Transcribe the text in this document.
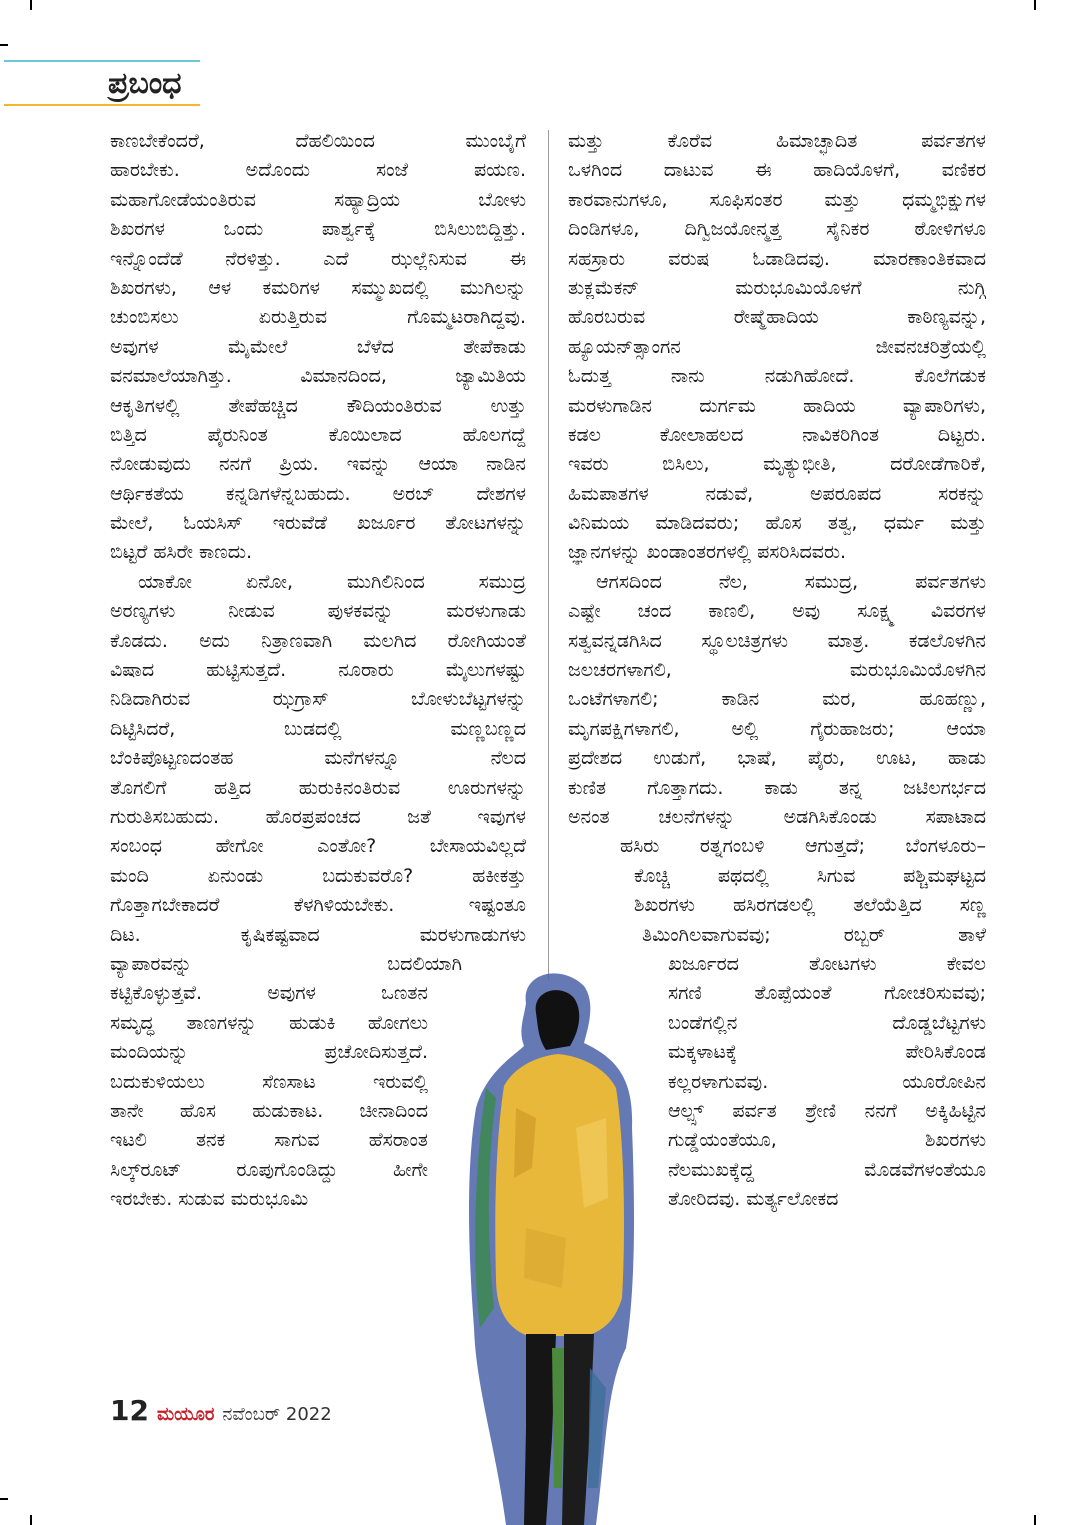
ಪ್ರಬಂಧ
ಕಾಣಬೇಕೆಂದರೆ, ದೆಹಲಿಯಿಂದ ಮುಂಬೈಗೆ
ಹಾರಬೇಕು. ಅದೊಂದು ಸಂಜೆ ಪಯಣ.
ಮಹಾಗೋಡೆಯಂತಿರುವ ಸಹ್ಯಾದ್ರಿಯ ಬೋಳು
ಶಿಖರಗಳ ಒಂದು ಪಾರ್ಶ್ವಕ್ಕೆ ಬಿಸಿಲುಬಿದ್ದಿತ್ತು.
ಇನ್ನೊಂದೆಡೆ ನೆರಳಿತ್ತು. ಎದೆ ಝಲ್ಲೆನಿಸುವ ಈ
ಶಿಖರಗಳು, ಆಳ ಕಮರಿಗಳ ಸಮ್ಮುಖದಲ್ಲಿ ಮುಗಿಲನ್ನು
ಚುಂಬಿಸಲು ಏರುತ್ತಿರುವ ಗೊಮ್ಮಟರಾಗಿದ್ದವು.
ಅವುಗಳ ಮೈಮೇಲೆ ಬೆಳೆದ ತೇಪೆಕಾಡು
ವನಮಾಲೆಯಾಗಿತ್ತು. ವಿಮಾನದಿಂದ, ಜ್ಯಾಮಿತಿಯ
ಆಕೃತಿಗಳಲ್ಲಿ ತೇಪೆಹಚ್ಚಿದ ಕೌದಿಯಂತಿರುವ ಉತ್ತು
ಬಿತ್ತಿದ ಪೈರುನಿಂತ ಕೊಯಿಲಾದ ಹೊಲಗದ್ದೆ
ನೋಡುವುದು ನನಗೆ ಪ್ರಿಯ. ಇವನ್ನು ಆಯಾ ನಾಡಿನ
ಆರ್ಥಿಕತೆಯ ಕನ್ನಡಿಗಳೆನ್ನಬಹುದು. ಅರಬ್ ದೇಶಗಳ
ಮೇಲೆ, ಓಯಸಿಸ್ ಇರುವೆಡೆ ಖರ್ಜೂರ ತೋಟಗಳನ್ನು
ಬಿಟ್ಟರೆ ಹಸಿರೇ ಕಾಣದು.
ಯಾಕೋ ಏನೋ, ಮುಗಿಲಿನಿಂದ ಸಮುದ್ರ
ಅರಣ್ಯಗಳು ನೀಡುವ ಪುಳಕವನ್ನು ಮರಳುಗಾಡು
ಕೊಡದು. ಅದು ನಿತ್ರಾಣವಾಗಿ ಮಲಗಿದ ರೋಗಿಯಂತೆ
ವಿಷಾದ ಹುಟ್ಟಿಸುತ್ತದೆ. ನೂರಾರು ಮೈಲುಗಳಷ್ಟು
ನಿಡಿದಾಗಿರುವ ಝಗ್ರಾಸ್ ಬೋಳುಬೆಟ್ಟಗಳನ್ನು
ದಿಟ್ಟಿಸಿದರೆ, ಬುಡದಲ್ಲಿ ಮಣ್ಣಬಣ್ಣದ
ಬೆಂಕಿಪೊಟ್ಟಣದಂತಹ ಮನೆಗಳನ್ನೂ ನೆಲದ
ತೊಗಲಿಗೆ ಹತ್ತಿದ ಹುರುಕಿನಂತಿರುವ ಊರುಗಳನ್ನು
ಗುರುತಿಸಬಹುದು. ಹೊರಪ್ರಪಂಚದ ಜತೆ ಇವುಗಳ
ಸಂಬಂಧ ಹೇಗೋ ಎಂತೋ? ಬೇಸಾಯವಿಲ್ಲದೆ
ಮಂದಿ ಏನುಂಡು ಬದುಕುವರೊ? ಹಕೀಕತ್ತು
ಗೊತ್ತಾಗಬೇಕಾದರೆ ಕೆಳಗಿಳಿಯಬೇಕು. ಇಷ್ಟಂತೂ
ದಿಟ. ಕೃಷಿಕಷ್ಟವಾದ ಮರಳುಗಾಡುಗಳು
ವ್ಯಾಪಾರವನ್ನು ಬದಲಿಯಾಗಿ
ಕಟ್ಟಿಕೊಳ್ಳುತ್ತವೆ. ಅವುಗಳ ಒಣತನ
ಸಮೃದ್ಧ ತಾಣಗಳನ್ನು ಹುಡುಕಿ ಹೋಗಲು
ಮಂದಿಯನ್ನು ಪ್ರಚೋದಿಸುತ್ತದೆ.
ಬದುಕುಳಿಯಲು ಸೆಣಸಾಟ ಇರುವಲ್ಲಿ
ತಾನೇ ಹೊಸ ಹುಡುಕಾಟ. ಚೀನಾದಿಂದ
ಇಟಲಿ ತನಕ ಸಾಗುವ ಹೆಸರಾಂತ
ಸಿಲ್ಕ್‌ರೂಟ್ ರೂಪುಗೊಂಡಿದ್ದು ಹೀಗೇ
ಇರಬೇಕು. ಸುಡುವ ಮರುಭೂಮಿ
ಮತ್ತು ಕೊರೆವ ಹಿಮಾಚ್ಛಾದಿತ ಪರ್ವತಗಳ
ಒಳಗಿಂದ ದಾಟುವ ಈ ಹಾದಿಯೊಳಗೆ, ವಣಿಕರ
ಕಾರವಾನುಗಳೂ, ಸೂಫಿಸಂತರ ಮತ್ತು ಧಮ್ಮಭಿಕ್ಷುಗಳ
ದಿಂಡಿಗಳೂ, ದಿಗ್ವಿಜಯೋನ್ಮತ್ತ ಸೈನಿಕರ ಠೋಳಿಗಳೂ
ಸಹಸ್ರಾರು ವರುಷ ಓಡಾಡಿದವು. ಮಾರಣಾಂತಿಕವಾದ
ತುಕ್ಲಮೆಕನ್ ಮರುಭೂಮಿಯೊಳಗೆ ನುಗ್ಗಿ
ಹೊರಬರುವ ರೇಷ್ಮೆಹಾದಿಯ ಕಾಠಿಣ್ಯವನ್ನು,
ಹ್ಯೂಯನ್‌ತ್ಸಾಂಗನ ಜೀವನಚರಿತ್ರೆಯಲ್ಲಿ
ಓದುತ್ತ ನಾನು ನಡುಗಿಹೋದೆ. ಕೊಲೆಗಡುಕ
ಮರಳುಗಾಡಿನ ದುರ್ಗಮ ಹಾದಿಯ ವ್ಯಾಪಾರಿಗಳು,
ಕಡಲ ಕೋಲಾಹಲದ ನಾವಿಕರಿಗಿಂತ ದಿಟ್ಟರು.
ಇವರು ಬಿಸಿಲು, ಮೃತ್ಯುಭೀತಿ, ದರೋಡೆಗಾರಿಕೆ,
ಹಿಮಪಾತಗಳ ನಡುವೆ, ಅಪರೂಪದ ಸರಕನ್ನು
ವಿನಿಮಯ ಮಾಡಿದವರು; ಹೊಸ ತತ್ವ, ಧರ್ಮ ಮತ್ತು
ಜ್ಞಾನಗಳನ್ನು ಖಂಡಾಂತರಗಳಲ್ಲಿ ಪಸರಿಸಿದವರು.
ಆಗಸದಿಂದ ನೆಲ, ಸಮುದ್ರ, ಪರ್ವತಗಳು
ಎಷ್ಟೇ ಚಂದ ಕಾಣಲಿ, ಅವು ಸೂಕ್ಷ್ಮ ವಿವರಗಳ
ಸತ್ವವನ್ನಡಗಿಸಿದ ಸ್ಥೂಲಚಿತ್ರಗಳು ಮಾತ್ರ. ಕಡಲೊಳಗಿನ
ಜಲಚರಗಳಾಗಲಿ, ಮರುಭೂಮಿಯೊಳಗಿನ
ಒಂಟೆಗಳಾಗಲಿ; ಕಾಡಿನ ಮರ, ಹೂಹಣ್ಣು,
ಮೃಗಪಕ್ಷಿಗಳಾಗಲಿ, ಅಲ್ಲಿ ಗೈರುಹಾಜರು; ಆಯಾ
ಪ್ರದೇಶದ ಉಡುಗೆ, ಭಾಷೆ, ಪೈರು, ಊಟ, ಹಾಡು
ಕುಣಿತ ಗೊತ್ತಾಗದು. ಕಾಡು ತನ್ನ ಜಟಿಲಗರ್ಭದ
ಅನಂತ ಚಲನೆಗಳನ್ನು ಅಡಗಿಸಿಕೊಂಡು ಸಪಾಟಾದ
ಹಸಿರು ರತ್ನಗಂಬಳಿ ಆಗುತ್ತದೆ; ಬೆಂಗಳೂರು–
ಕೊಚ್ಚಿ ಪಥದಲ್ಲಿ ಸಿಗುವ ಪಶ್ಚಿಮಘಟ್ಟದ
ಶಿಖರಗಳು ಹಸಿರಗಡಲಲ್ಲಿ ತಲೆಯೆತ್ತಿದ ಸಣ್ಣ
ತಿಮಿಂಗಿಲವಾಗುವವು; ರಬ್ಬರ್ ತಾಳೆ
ಖರ್ಜೂರದ ತೋಟಗಳು ಕೇವಲ
ಸಗಣಿ ತೊಪ್ಪೆಯಂತೆ ಗೋಚರಿಸುವವು;
ಬಂಡೆಗಲ್ಲಿನ ದೊಡ್ಡಬೆಟ್ಟಗಳು
ಮಕ್ಕಳಾಟಕ್ಕೆ ಪೇರಿಸಿಕೊಂಡ
ಕಲ್ಲರಳಾಗುವವು. ಯೂರೋಪಿನ
ಆಲ್ಪ್ಸ್ ಪರ್ವತ ಶ್ರೇಣಿ ನನಗೆ ಅಕ್ಕಿಹಿಟ್ಟಿನ
ಗುಡ್ಡೆಯಂತೆಯೂ, ಶಿಖರಗಳು
ನೆಲಮುಖಕ್ಕೆದ್ದ ಮೊಡವೆಗಳಂತೆಯೂ
ತೋರಿದವು. ಮರ್ತ್ಯಲೋಕದ
12 ಮಯೂರ ನವೆಂಬರ್ 2022
